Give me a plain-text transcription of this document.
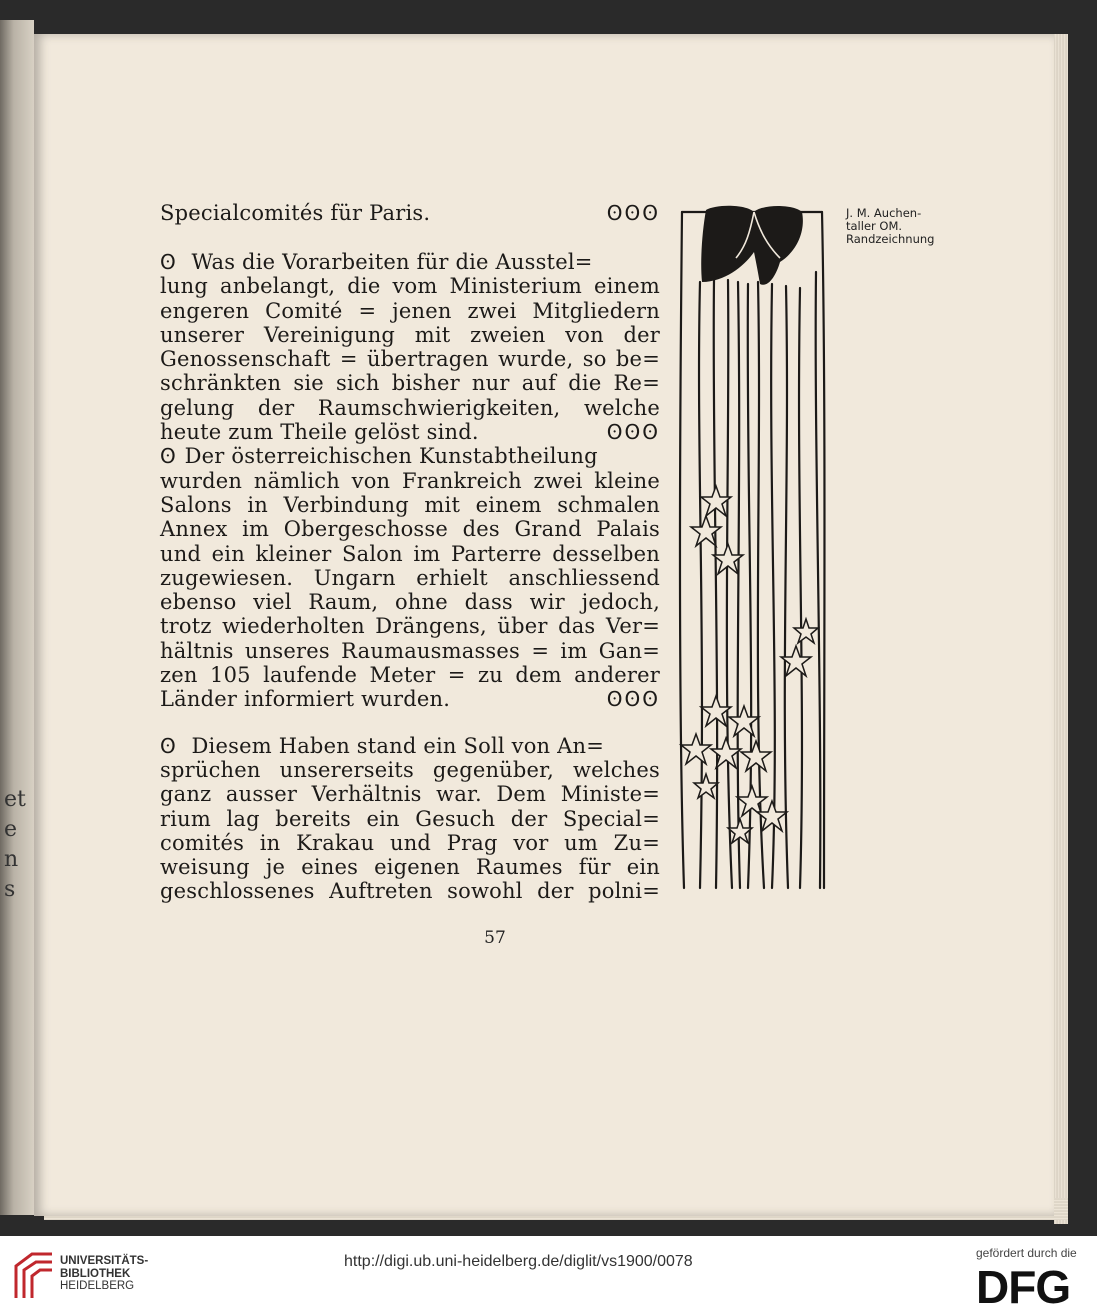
et
e
n
s
Specialcomités für Paris.	ʘʘʘ
ʘ Was die Vorarbeiten für die Ausstel=
lung anbelangt, die vom Ministerium einem
engeren Comité = jenen zwei Mitgliedern
unserer Vereinigung mit zweien von der
Genossenschaft = übertragen wurde, so be=
schränkten sie sich bisher nur auf die Re=
gelung der Raumschwierigkeiten, welche
heute zum Theile gelöst sind.	ʘʘʘ
ʘ Der österreichischen Kunstabtheilung
wurden nämlich von Frankreich zwei kleine
Salons in Verbindung mit einem schmalen
Annex im Obergeschosse des Grand Palais
und ein kleiner Salon im Parterre desselben
zugewiesen. Ungarn erhielt anschliessend
ebenso viel Raum, ohne dass wir jedoch,
trotz wiederholten Drängens, über das Ver=
hältnis unseres Raumausmasses = im Gan=
zen 105 laufende Meter = zu dem anderer
Länder informiert wurden.	ʘʘʘ
ʘ Diesem Haben stand ein Soll von An=
sprüchen unsererseits gegenüber, welches
ganz ausser Verhältnis war. Dem Ministe=
rium lag bereits ein Gesuch der Special=
comités in Krakau und Prag vor um Zu=
weisung je eines eigenen Raumes für ein
geschlossenes Auftreten sowohl der polni=
J. M. Auchen-
taller OM.
Randzeichnung
57
UNIVERSITÄTS-
BIBLIOTHEK
HEIDELBERG
http://digi.ub.uni-heidelberg.de/diglit/vs1900/0078	gefördert durch die
DFG
